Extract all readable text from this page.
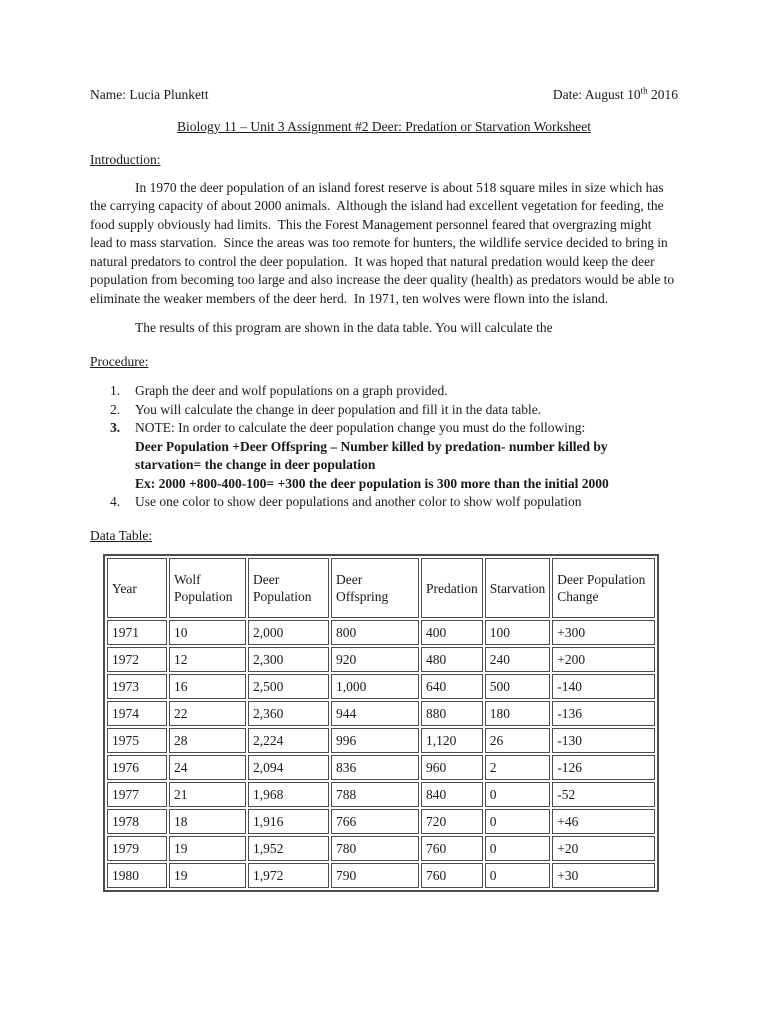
Name: Lucia Plunkett	Date: August 10th 2016
Biology 11 – Unit 3 Assignment #2 Deer: Predation or Starvation Worksheet
Introduction:

In 1970 the deer population of an island forest reserve is about 518 square miles in size which has the carrying capacity of about 2000 animals.  Although the island had excellent vegetation for feeding, the food supply obviously had limits.  This the Forest Management personnel feared that overgrazing might lead to mass starvation.  Since the areas was too remote for hunters, the wildlife service decided to bring in natural predators to control the deer population.  It was hoped that natural predation would keep the deer population from becoming too large and also increase the deer quality (health) as predators would be able to eliminate the weaker members of the deer herd.  In 1971, ten wolves were flown into the island.

The results of this program are shown in the data table. You will calculate the

Procedure:
1.	Graph the deer and wolf populations on a graph provided.
2.	You will calculate the change in deer population and fill it in the data table.
3.	NOTE: In order to calculate the deer population change you must do the following:
Deer Population +Deer Offspring – Number killed by predation- number killed by starvation= the change in deer population
Ex: 2000 +800-400-100= +300 the deer population is 300 more than the initial 2000
4.	Use one color to show deer populations and another color to show wolf population
Data Table:
Year	Wolf Population	Deer Population	Deer Offspring	Predation	Starvation	Deer Population Change
1971	10	2,000	800	400	100	+300
1972	12	2,300	920	480	240	+200
1973	16	2,500	1,000	640	500	-140
1974	22	2,360	944	880	180	-136
1975	28	2,224	996	1,120	26	-130
1976	24	2,094	836	960	2	-126
1977	21	1,968	788	840	0	-52
1978	18	1,916	766	720	0	+46
1979	19	1,952	780	760	0	+20
1980	19	1,972	790	760	0	+30
